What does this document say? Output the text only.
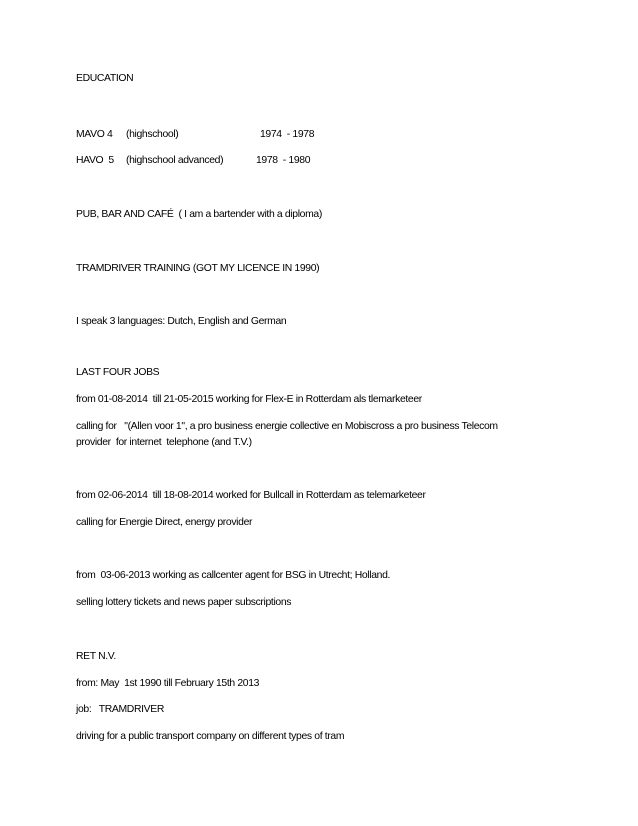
EDUCATION

MAVO 4

(highschool)

	1974  - 1978

HAVO  5

(highschool advanced)

	1978  - 1980

PUB, BAR AND CAFÉ  ( I am a bartender with a diploma)
TRAMDRIVER TRAINING (GOT MY LICENCE IN 1990)
I speak 3 languages: Dutch, English and German
LAST FOUR JOBS
from 01-08-2014  till 21-05-2015 working for Flex-E in Rotterdam als tlemarketeer
calling for   "(Allen voor 1", a pro business energie collective en Mobiscross a pro business Telecom
provider  for internet  telephone (and T.V.)
from 02-06-2014  till 18-08-2014 worked for Bullcall in Rotterdam as telemarketeer
calling for Energie Direct, energy provider
from  03-06-2013 working as callcenter agent for BSG in Utrecht; Holland.
selling lottery tickets and news paper subscriptions
RET N.V.
from: May  1st 1990 till February 15th 2013
job:   TRAMDRIVER
driving for a public transport company on different types of tram
